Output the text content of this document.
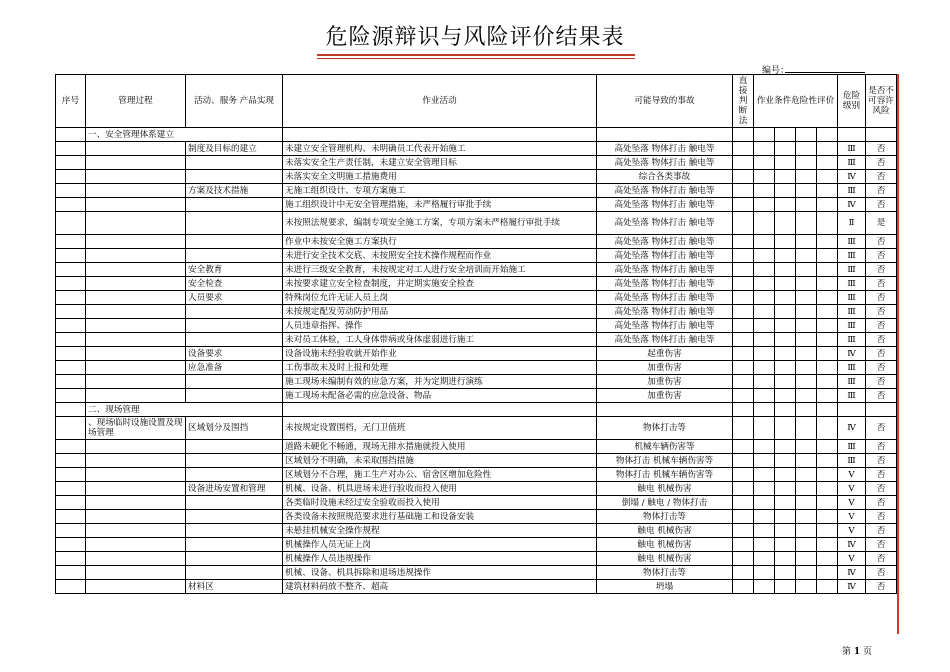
危险源辩识与风险评价结果表
编号：
序号	管理过程	活动、服务 产品实现	作业活动	可能导致的事故	直接判断法	作业条件危险性评价				危险级别	是否不可容许风险
	一、安全管理体系建立										
		制度及目标的建立	未建立安全管理机构、未明确员工代表开始施工	高处坠落 物体打击 触电等						Ⅲ	否
			未落实安全生产责任制，未建立安全管理目标	高处坠落 物体打击 触电等						Ⅲ	否
			未落实安全文明施工措施费用	综合各类事故						Ⅳ	否
		方案及技术措施	无施工组织设计、专项方案施工	高处坠落 物体打击 触电等						Ⅲ	否
			施工组织设计中无安全管理措施，未严格履行审批手续	高处坠落 物体打击 触电等						Ⅳ	否
			未按照法规要求，编制专项安全施工方案，专项方案未严格履行审批手续	高处坠落 物体打击 触电等						Ⅱ	是
			作业中未按安全施工方案执行	高处坠落 物体打击 触电等						Ⅲ	否
			未进行安全技术交底、未按照安全技术操作规程而作业	高处坠落 物体打击 触电等						Ⅲ	否
		安全教育	未进行三级安全教育，未按规定对工人进行安全培训而开始施工	高处坠落 物体打击 触电等						Ⅲ	否
		安全检查	未按要求建立安全检查制度，并定期实施安全检查	高处坠落 物体打击 触电等						Ⅲ	否
		人员要求	特殊岗位允许无证人员上岗	高处坠落 物体打击 触电等						Ⅲ	否
			未按规定配发劳动防护用品	高处坠落 物体打击 触电等						Ⅲ	否
			人员违章指挥、操作	高处坠落 物体打击 触电等						Ⅲ	否
			未对员工体检，工人身体带病或身体虚弱进行施工	高处坠落 物体打击 触电等						Ⅲ	否
		设备要求	设备设施未经验收就开始作业	起重伤害						Ⅳ	否
		应急准备	工伤事故未及时上报和处理	加重伤害						Ⅲ	否
			施工现场未编制有效的应急方案，并为定期进行演练	加重伤害						Ⅲ	否
			施工现场未配备必需的应急设备、物品	加重伤害						Ⅲ	否
	二、现场管理										
	、现场临时设施设置及现场管理	区域划分及围挡	未按规定设置围档，无门卫值班	物体打击等						Ⅳ	否
			道路未硬化不畅通，现场无排水措施就投入使用	机械车辆伤害等						Ⅲ	否
			区域划分不明确，未采取围挡措施	物体打击 机械车辆伤害等						Ⅲ	否
			区域划分不合理，施工生产对办公、宿舍区增加危险性	物体打击 机械车辆伤害等						Ⅴ	否
		设备进场安置和管理	机械、设备、机具进场未进行验收而投入使用	触电 机械伤害						Ⅴ	否
			各类临时设施未经过安全验收而投入使用	倒塌 / 触电 / 物体打击						Ⅴ	否
			各类设备未按照规范要求进行基础施工和设备安装	物体打击等						Ⅴ	否
			未悬挂机械安全操作规程	触电 机械伤害						Ⅴ	否
			机械操作人员无证上岗	触电 机械伤害						Ⅳ	否
			机械操作人员违规操作	触电 机械伤害						Ⅴ	否
			机械、设备、机具拆除和退场违规操作	物体打击等						Ⅳ	否
		材料区	建筑材料码放不整齐、超高	坍塌						Ⅳ	否
第 1 页
